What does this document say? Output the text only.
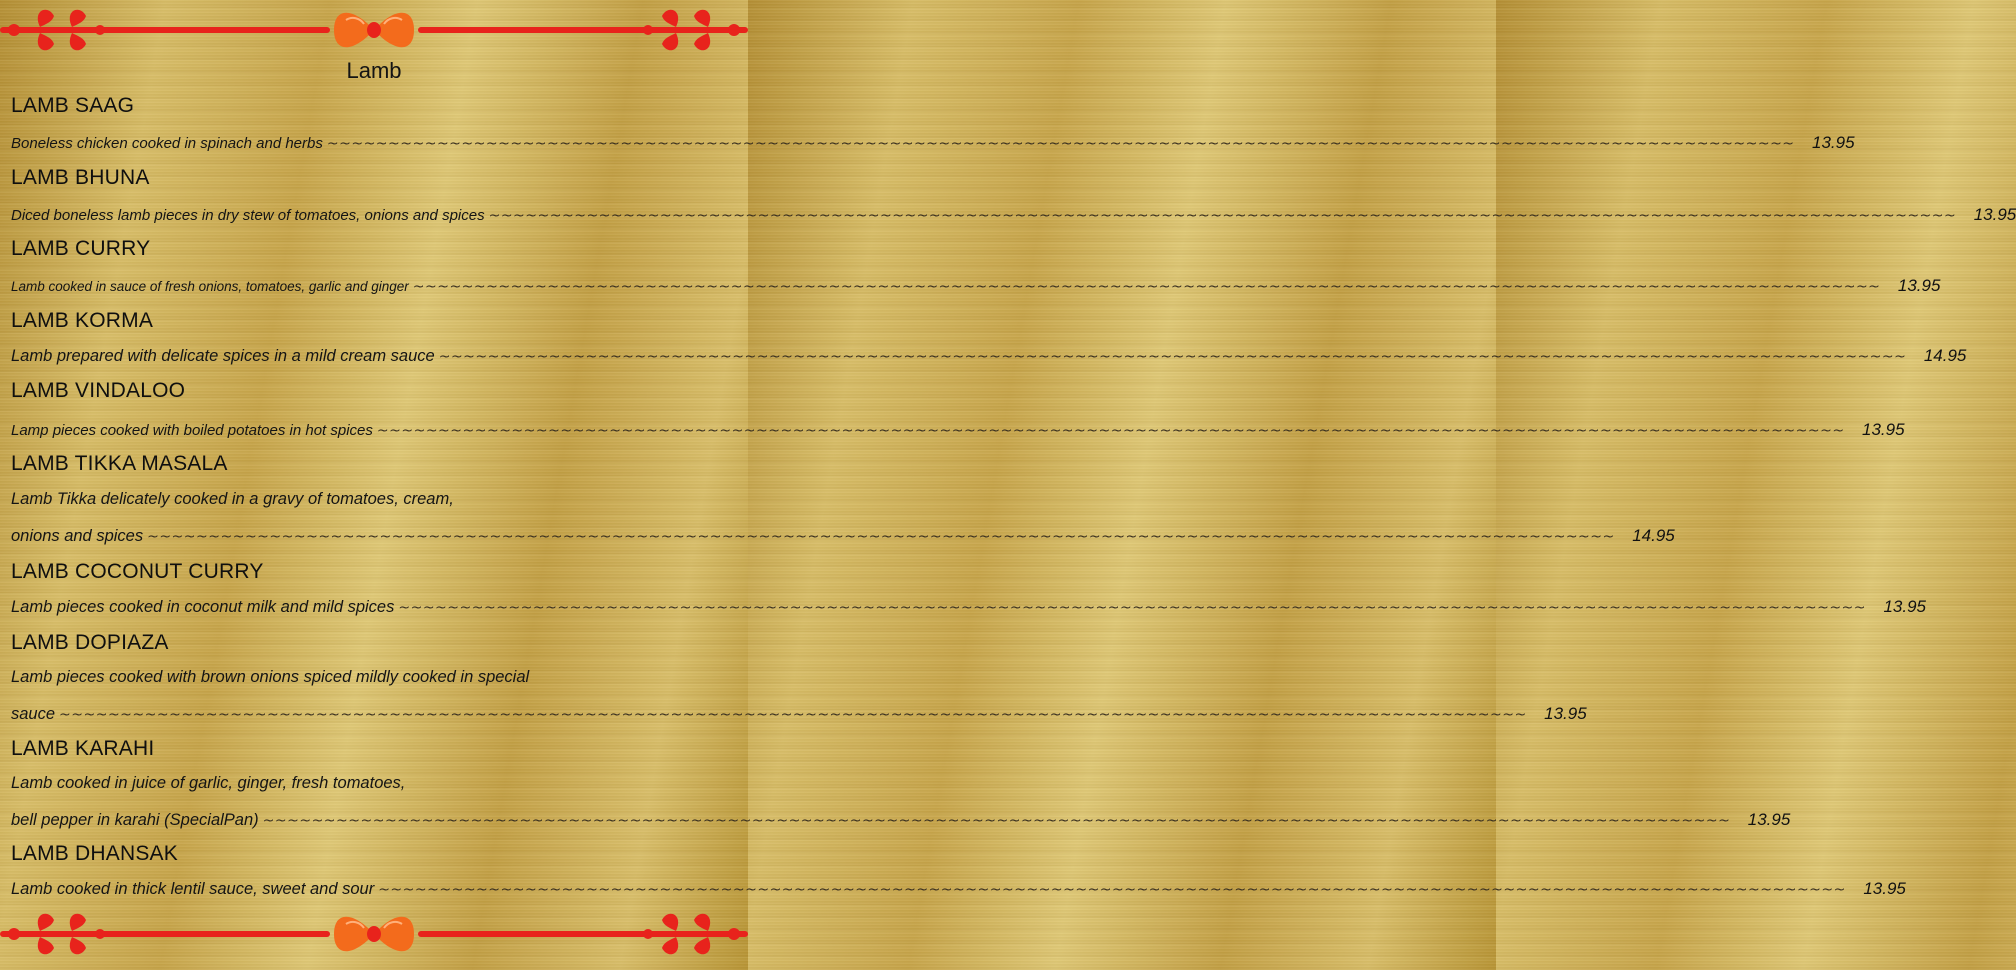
Lamb
LAMB SAAG
Boneless chicken cooked in spinach and herbs ~~~~~~~~~~~~~~~~~~~~~~~~~~~~~~~~~~~~~~~~~~~~~~~~~~~~~~~~~~~~~~~~~~~~~~~~~~~~~~~~~~~~~~~~~~~~~~~~~~~~~~~~~~~~~~~~~~~~~~~~	13.95
LAMB BHUNA
Diced boneless lamb pieces in dry stew of tomatoes, onions and spices ~~~~~~~~~~~~~~~~~~~~~~~~~~~~~~~~~~~~~~~~~~~~~~~~~~~~~~~~~~~~~~~~~~~~~~~~~~~~~~~~~~~~~~~~~~~~~~~~~~~~~~~~~~~~~~~~~~~~~~~~	13.95
LAMB CURRY
Lamb cooked in sauce of fresh onions, tomatoes, garlic and ginger ~~~~~~~~~~~~~~~~~~~~~~~~~~~~~~~~~~~~~~~~~~~~~~~~~~~~~~~~~~~~~~~~~~~~~~~~~~~~~~~~~~~~~~~~~~~~~~~~~~~~~~~~~~~~~~~~~~~~~~~~	13.95
LAMB KORMA
Lamb prepared with delicate spices in a mild cream sauce ~~~~~~~~~~~~~~~~~~~~~~~~~~~~~~~~~~~~~~~~~~~~~~~~~~~~~~~~~~~~~~~~~~~~~~~~~~~~~~~~~~~~~~~~~~~~~~~~~~~~~~~~~~~~~~~~~~~~~~~~	14.95
LAMB VINDALOO
Lamp pieces cooked with boiled potatoes in hot spices ~~~~~~~~~~~~~~~~~~~~~~~~~~~~~~~~~~~~~~~~~~~~~~~~~~~~~~~~~~~~~~~~~~~~~~~~~~~~~~~~~~~~~~~~~~~~~~~~~~~~~~~~~~~~~~~~~~~~~~~~	13.95
LAMB TIKKA MASALA
Lamb Tikka delicately cooked in a gravy of tomatoes, cream,
onions and spices ~~~~~~~~~~~~~~~~~~~~~~~~~~~~~~~~~~~~~~~~~~~~~~~~~~~~~~~~~~~~~~~~~~~~~~~~~~~~~~~~~~~~~~~~~~~~~~~~~~~~~~~~~~~~~~~~~~~~~~~~	14.95
LAMB COCONUT CURRY
Lamb pieces cooked in coconut milk and mild spices ~~~~~~~~~~~~~~~~~~~~~~~~~~~~~~~~~~~~~~~~~~~~~~~~~~~~~~~~~~~~~~~~~~~~~~~~~~~~~~~~~~~~~~~~~~~~~~~~~~~~~~~~~~~~~~~~~~~~~~~~	13.95
LAMB DOPIAZA
Lamb pieces cooked with brown onions spiced mildly cooked in special
sauce ~~~~~~~~~~~~~~~~~~~~~~~~~~~~~~~~~~~~~~~~~~~~~~~~~~~~~~~~~~~~~~~~~~~~~~~~~~~~~~~~~~~~~~~~~~~~~~~~~~~~~~~~~~~~~~~~~~~~~~~~	13.95
LAMB KARAHI
Lamb cooked in juice of garlic, ginger, fresh tomatoes,
bell pepper in karahi (SpecialPan) ~~~~~~~~~~~~~~~~~~~~~~~~~~~~~~~~~~~~~~~~~~~~~~~~~~~~~~~~~~~~~~~~~~~~~~~~~~~~~~~~~~~~~~~~~~~~~~~~~~~~~~~~~~~~~~~~~~~~~~~~	13.95
LAMB DHANSAK
Lamb cooked in thick lentil sauce, sweet and sour ~~~~~~~~~~~~~~~~~~~~~~~~~~~~~~~~~~~~~~~~~~~~~~~~~~~~~~~~~~~~~~~~~~~~~~~~~~~~~~~~~~~~~~~~~~~~~~~~~~~~~~~~~~~~~~~~~~~~~~~~	13.95
